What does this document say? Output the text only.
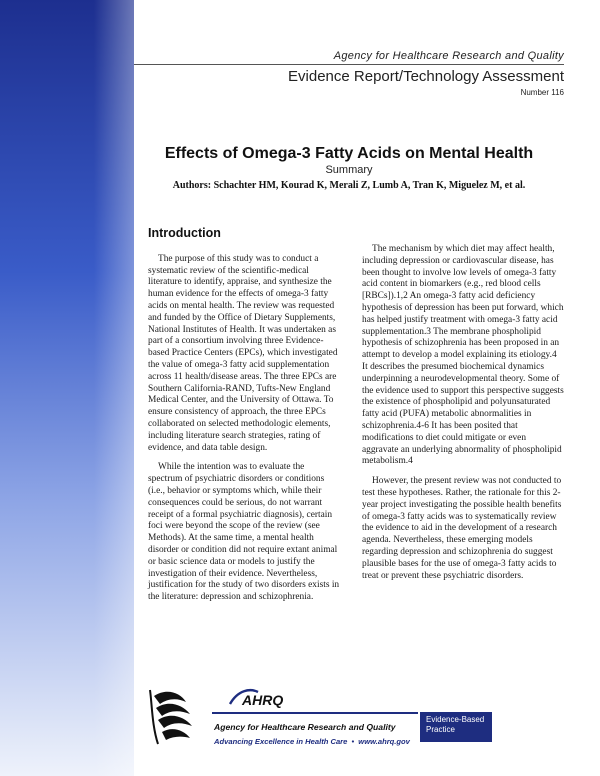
Agency for Healthcare Research and Quality
Evidence Report/Technology Assessment
Number 116
Effects of Omega-3 Fatty Acids on Mental Health
Summary
Authors: Schachter HM, Kourad K, Merali Z, Lumb A, Tran K, Miguelez M, et al.
Introduction

The purpose of this study was to conduct a systematic review of the scientific-medical literature to identify, appraise, and synthesize the human evidence for the effects of omega-3 fatty acids on mental health. The review was requested and funded by the Office of Dietary Supplements, National Institutes of Health. It was undertaken as part of a consortium involving three Evidence-based Practice Centers (EPCs), which investigated the value of omega-3 fatty acid supplementation across 11 health/disease areas. The three EPCs are Southern California-RAND, Tufts-New England Medical Center, and the University of Ottawa. To ensure consistency of approach, the three EPCs collaborated on selected methodologic elements, including literature search strategies, rating of evidence, and data table design.

While the intention was to evaluate the spectrum of psychiatric disorders or conditions (i.e., behavior or symptoms which, while their consequences could be serious, do not warrant receipt of a formal psychiatric diagnosis), certain foci were beyond the scope of the review (see Methods). At the same time, a mental health disorder or condition did not require extant animal or basic science data or models to justify the investigation of their evidence. Nevertheless, justification for the study of two disorders exists in the literature: depression and schizophrenia.

The mechanism by which diet may affect health, including depression or cardiovascular disease, has been thought to involve low levels of omega-3 fatty acid content in biomarkers (e.g., red blood cells [RBCs]).1,2 An omega-3 fatty acid deficiency hypothesis of depression has been put forward, which has helped justify treatment with omega-3 fatty acid supplementation.3 The membrane phospholipid hypothesis of schizophrenia has been proposed in an attempt to develop a model explaining its etiology.4 It describes the presumed biochemical dynamics underpinning a neurodevelopmental theory. Some of the evidence used to support this perspective suggests the existence of phospholipid and polyunsaturated fatty acid (PUFA) metabolic abnormalities in schizophrenia.4-6 It has been posited that modifications to diet could mitigate or even aggravate an underlying abnormality of phospholipid metabolism.4

However, the present review was not conducted to test these hypotheses. Rather, the rationale for this 2-year project investigating the possible health benefits of omega-3 fatty acids was to systematically review the evidence to aid in the development of a research agenda. Nevertheless, these emerging models regarding depression and schizophrenia do suggest plausible bases for the use of omega-3 fatty acids to treat or prevent these psychiatric disorders.

AHRQ
Agency for Healthcare Research and Quality
Advancing Excellence in Health Care • www.ahrq.gov
Evidence-Based
Practice
